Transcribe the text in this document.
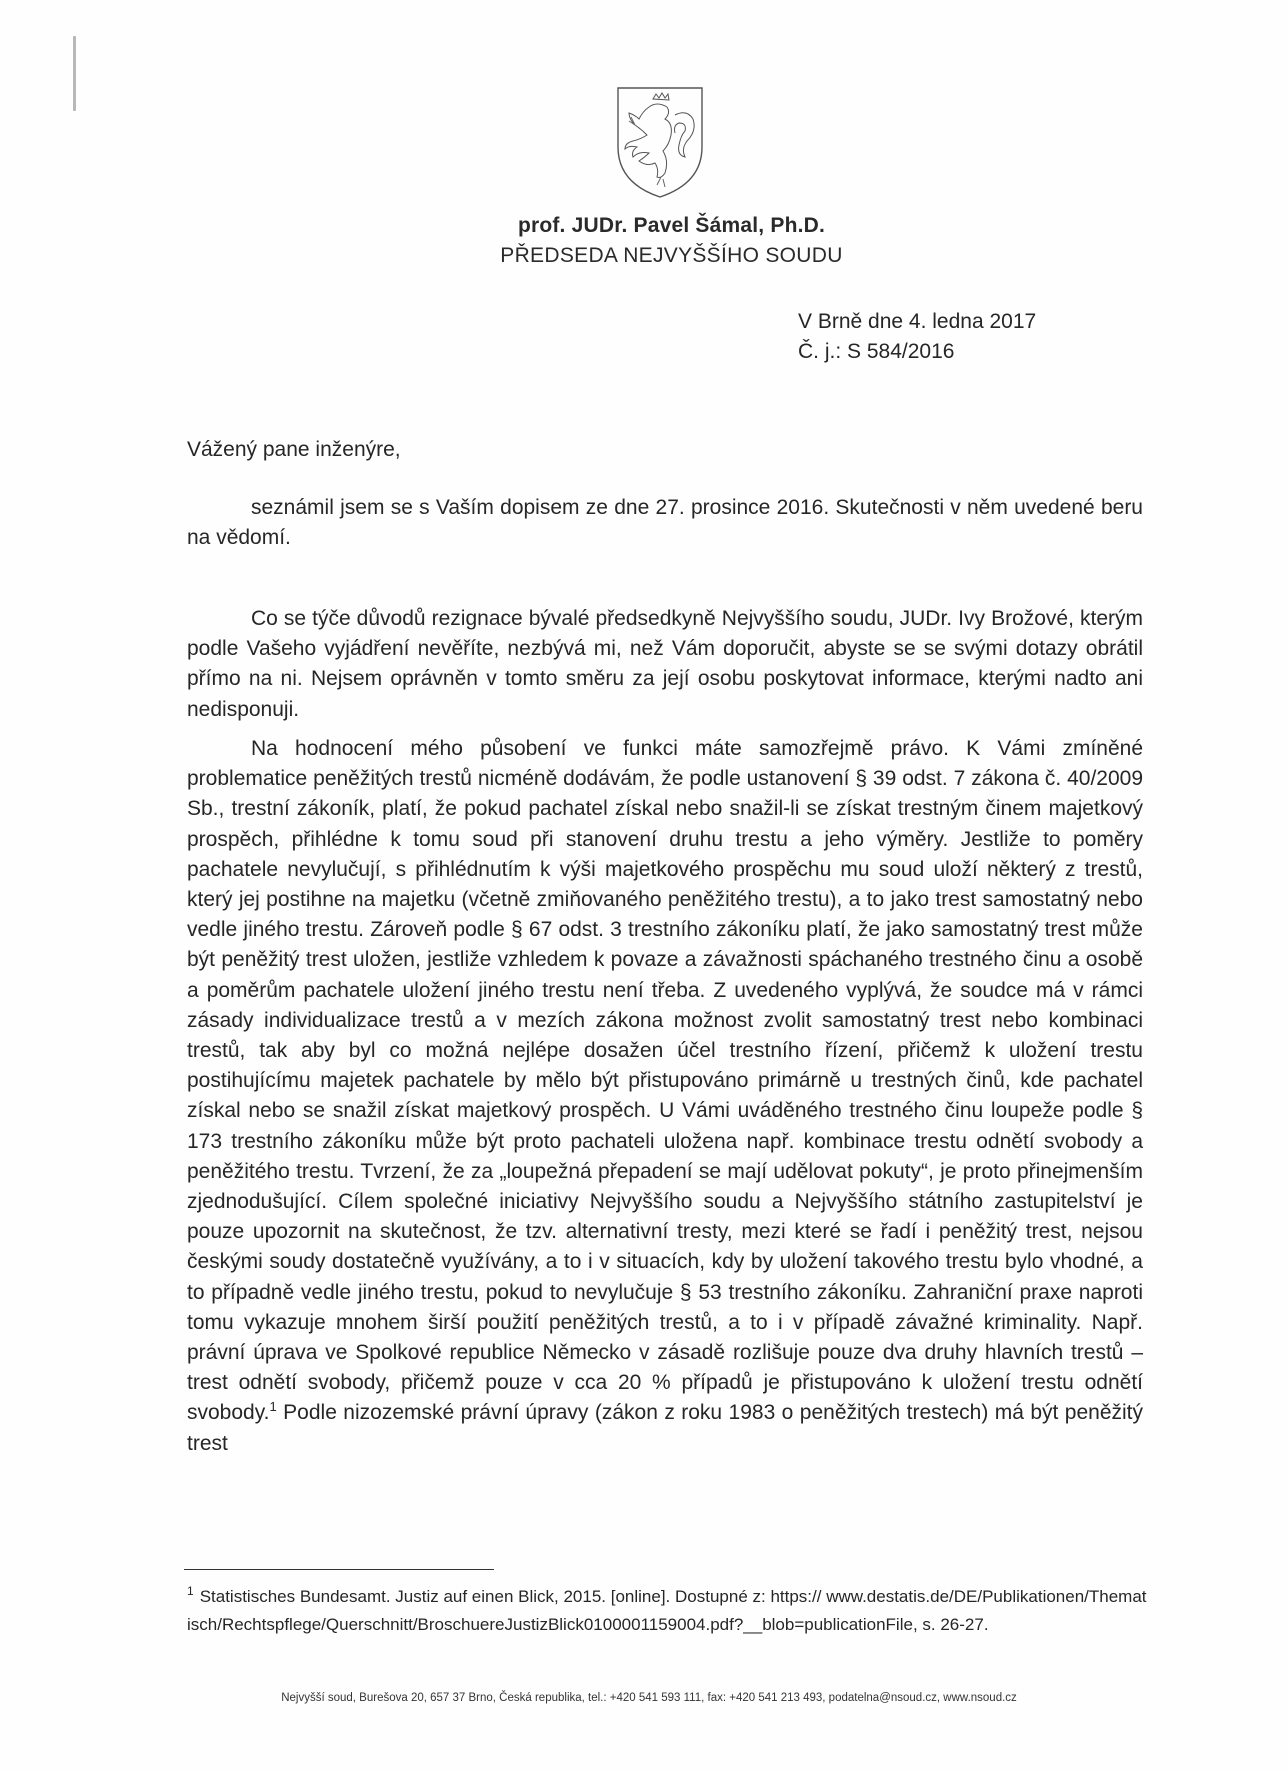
prof. JUDr. Pavel Šámal, Ph.D.
PŘEDSEDA NEJVYŠŠÍHO SOUDU
V Brně dne 4. ledna 2017
Č. j.: S 584/2016
Vážený pane inženýre,

seznámil jsem se s Vaším dopisem ze dne 27. prosince 2016. Skutečnosti v něm uvedené beru na vědomí.

Co se týče důvodů rezignace bývalé předsedkyně Nejvyššího soudu, JUDr. Ivy Brožové, kterým podle Vašeho vyjádření nevěříte, nezbývá mi, než Vám doporučit, abyste se se svými dotazy obrátil přímo na ni. Nejsem oprávněn v tomto směru za její osobu poskytovat informace, kterými nadto ani nedisponuji.

Na hodnocení mého působení ve funkci máte samozřejmě právo. K Vámi zmíněné problematice peněžitých trestů nicméně dodávám, že podle ustanovení § 39 odst. 7 zákona č. 40/2009 Sb., trestní zákoník, platí, že pokud pachatel získal nebo snažil-li se získat trestným činem majetkový prospěch, přihlédne k tomu soud při stanovení druhu trestu a jeho výměry. Jestliže to poměry pachatele nevylučují, s přihlédnutím k výši majetkového prospěchu mu soud uloží některý z trestů, který jej postihne na majetku (včetně zmiňovaného peněžitého trestu), a to jako trest samostatný nebo vedle jiného trestu. Zároveň podle § 67 odst. 3 trestního zákoníku platí, že jako samostatný trest může být peněžitý trest uložen, jestliže vzhledem k povaze a závažnosti spáchaného trestného činu a osobě a poměrům pachatele uložení jiného trestu není třeba. Z uvedeného vyplývá, že soudce má v rámci zásady individualizace trestů a v mezích zákona možnost zvolit samostatný trest nebo kombinaci trestů, tak aby byl co možná nejlépe dosažen účel trestního řízení, přičemž k uložení trestu postihujícímu majetek pachatele by mělo být přistupováno primárně u trestných činů, kde pachatel získal nebo se snažil získat majetkový prospěch. U Vámi uváděného trestného činu loupeže podle § 173 trestního zákoníku může být proto pachateli uložena např. kombinace trestu odnětí svobody a peněžitého trestu. Tvrzení, že za „loupežná přepadení se mají udělovat pokuty“, je proto přinejmenším zjednodušující. Cílem společné iniciativy Nejvyššího soudu a Nejvyššího státního zastupitelství je pouze upozornit na skutečnost, že tzv. alternativní tresty, mezi které se řadí i peněžitý trest, nejsou českými soudy dostatečně využívány, a to i v situacích, kdy by uložení takového trestu bylo vhodné, a to případně vedle jiného trestu, pokud to nevylučuje § 53 trestního zákoníku. Zahraniční praxe naproti tomu vykazuje mnohem širší použití peněžitých trestů, a to i v případě závažné kriminality. Např. právní úprava ve Spolkové republice Německo v zásadě rozlišuje pouze dva druhy hlavních trestů – trest odnětí svobody, přičemž pouze v cca 20 % případů je přistupováno k uložení trestu odnětí svobody.$^1$ Podle nizozemské právní úpravy (zákon z roku 1983 o peněžitých trestech) má být peněžitý trest

$^1$ Statistisches Bundesamt. Justiz auf einen Blick, 2015. [online]. Dostupné z: https:// www.destatis.de/DE/Publikationen/Thematisch/Rechtspflege/Querschnitt/BroschuereJustizBlick0100001159004.pdf?__blob=publicationFile, s. 26-27.
Nejvyšší soud, Burešova 20, 657 37 Brno, Česká republika, tel.: +420 541 593 111, fax: +420 541 213 493, podatelna@nsoud.cz, www.nsoud.cz
